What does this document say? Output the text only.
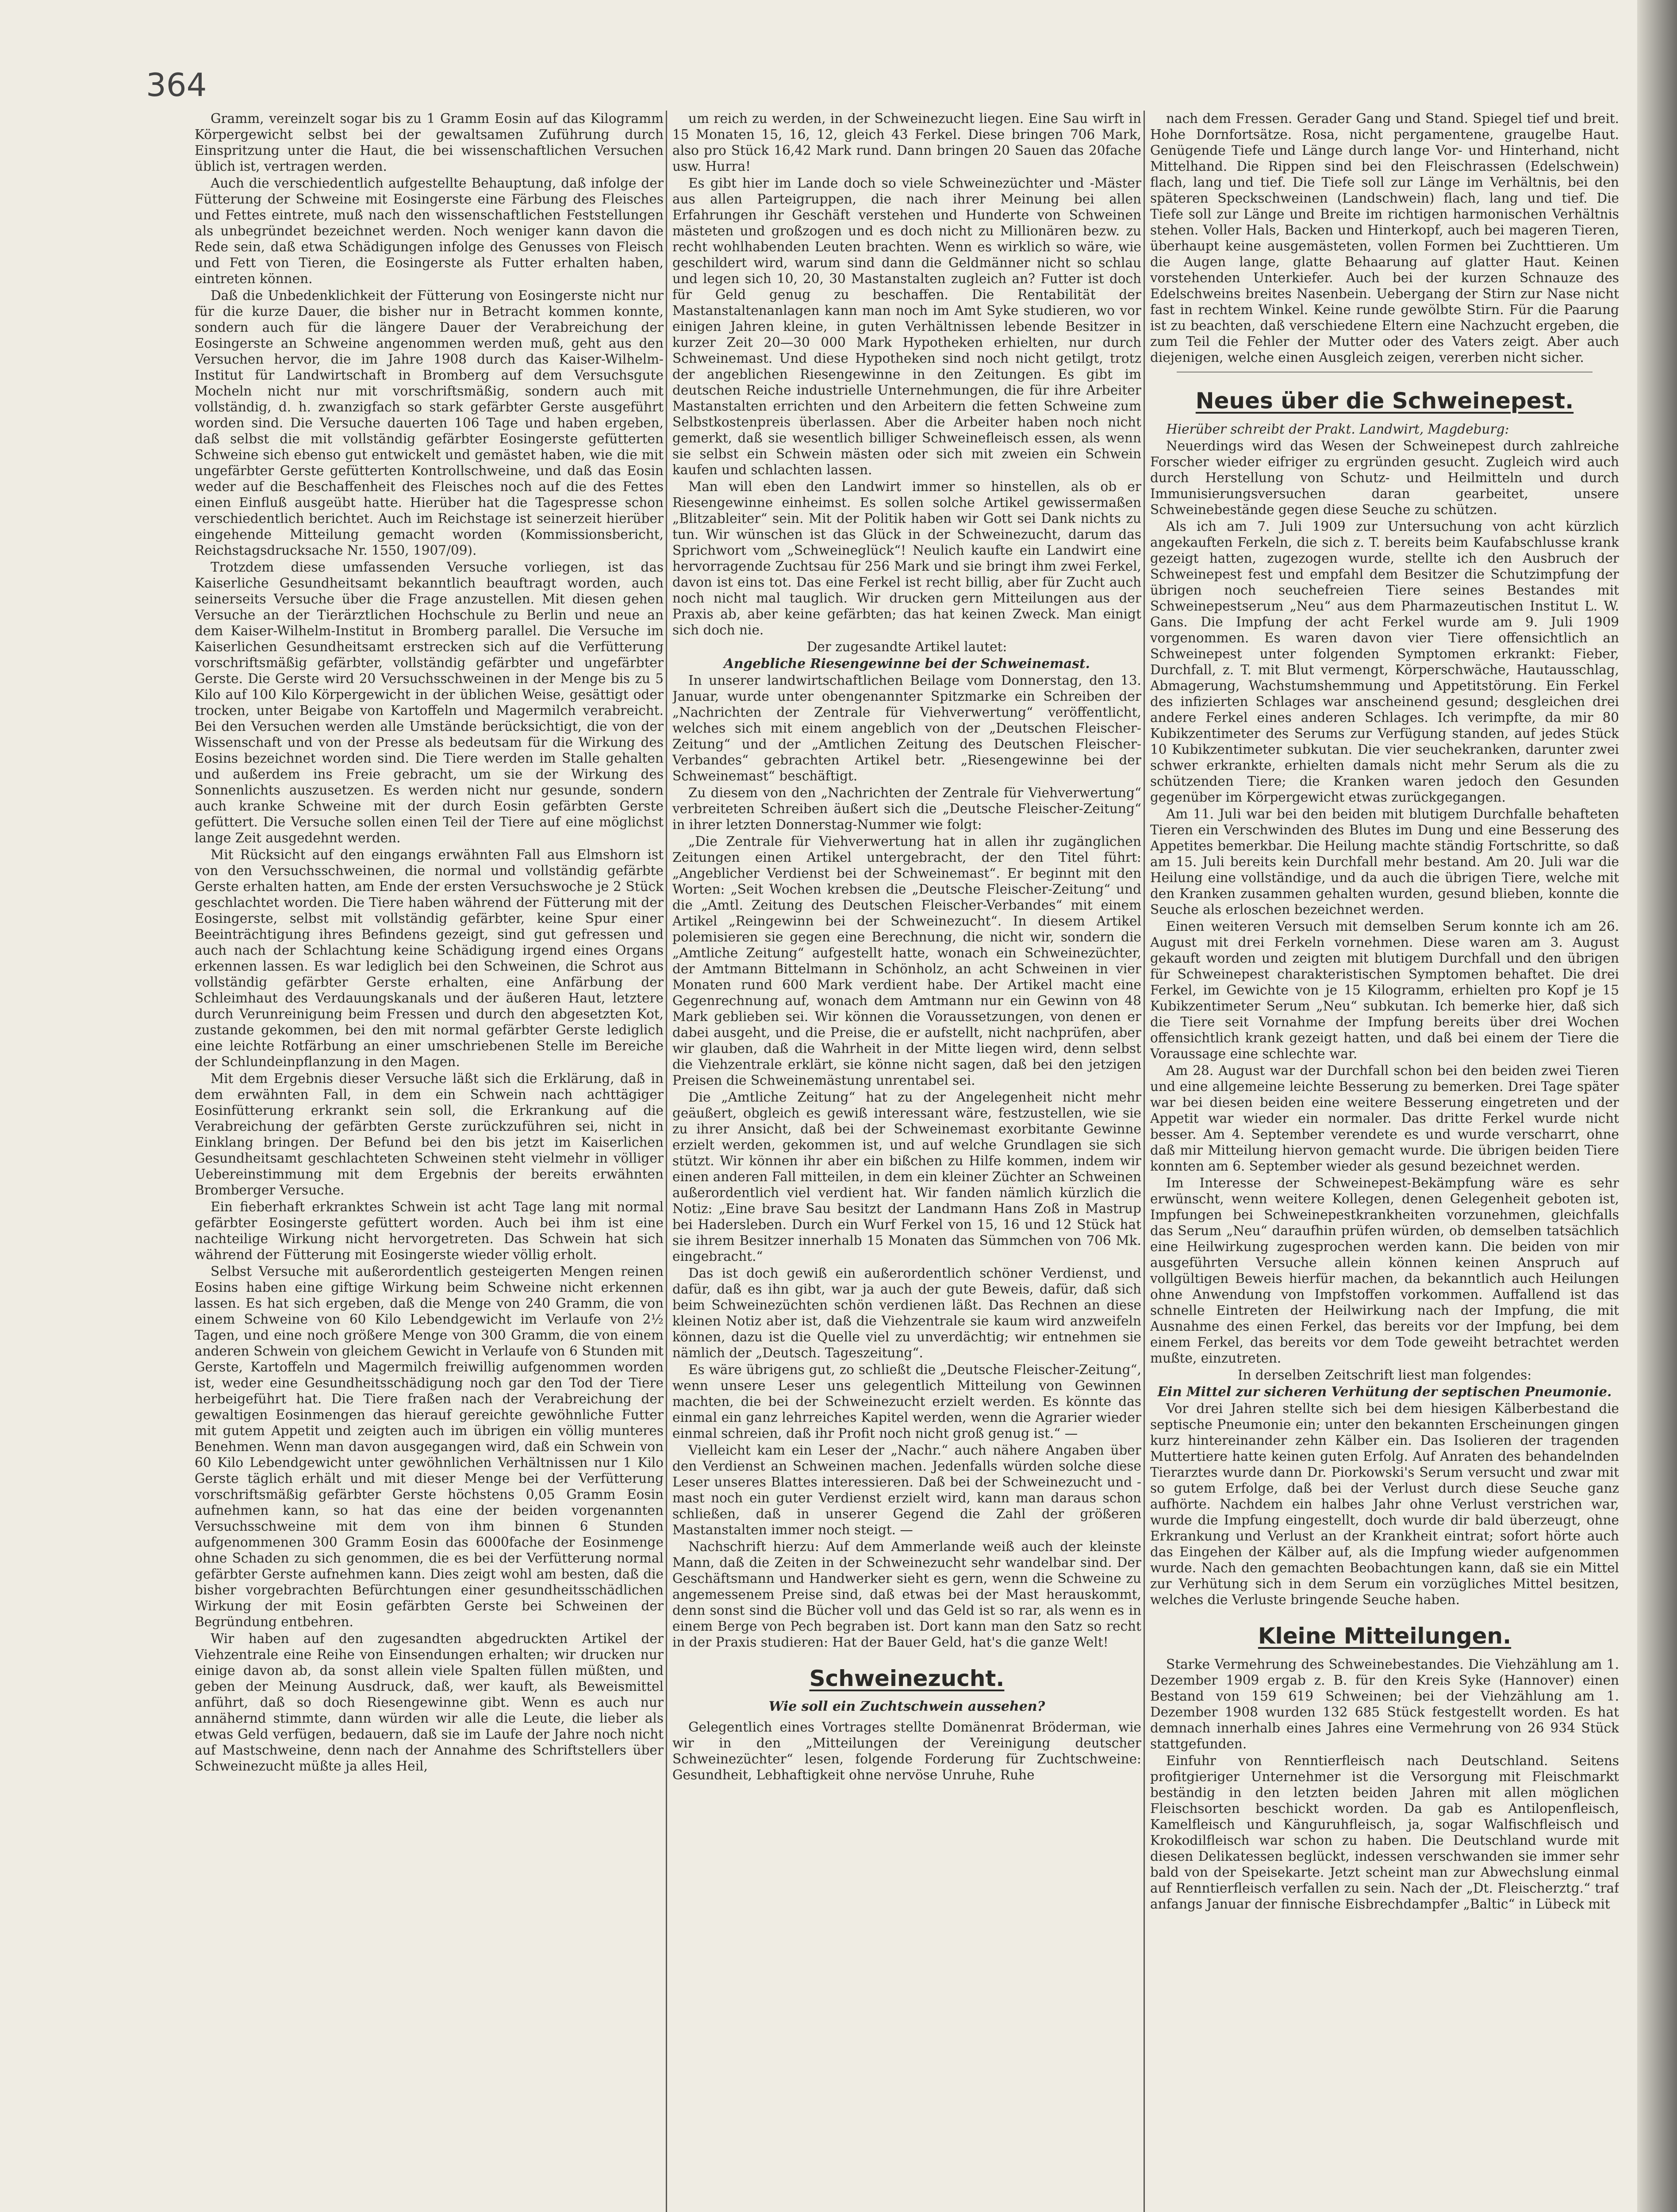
364

Gramm, vereinzelt sogar bis zu 1 Gramm Eosin auf das Kilogramm Körpergewicht selbst bei der gewaltsamen Zuführung durch Einspritzung unter die Haut, die bei wissenschaftlichen Versuchen üblich ist, vertragen werden.

Auch die verschiedentlich aufgestellte Behauptung, daß infolge der Fütterung der Schweine mit Eosingerste eine Färbung des Fleisches und Fettes eintrete, muß nach den wissenschaftlichen Feststellungen als unbegründet bezeichnet werden. Noch weniger kann davon die Rede sein, daß etwa Schädigungen infolge des Genusses von Fleisch und Fett von Tieren, die Eosingerste als Futter erhalten haben, eintreten können.

Daß die Unbedenklichkeit der Fütterung von Eosingerste nicht nur für die kurze Dauer, die bisher nur in Betracht kommen konnte, sondern auch für die längere Dauer der Verabreichung der Eosingerste an Schweine angenommen werden muß, geht aus den Versuchen hervor, die im Jahre 1908 durch das Kaiser-Wilhelm-Institut für Landwirtschaft in Bromberg auf dem Versuchsgute Mocheln nicht nur mit vorschriftsmäßig, sondern auch mit vollständig, d. h. zwanzigfach so stark gefärbter Gerste ausgeführt worden sind. Die Versuche dauerten 106 Tage und haben ergeben, daß selbst die mit vollständig gefärbter Eosingerste gefütterten Schweine sich ebenso gut entwickelt und gemästet haben, wie die mit ungefärbter Gerste gefütterten Kontrollschweine, und daß das Eosin weder auf die Beschaffenheit des Fleisches noch auf die des Fettes einen Einfluß ausgeübt hatte. Hierüber hat die Tagespresse schon verschiedentlich berichtet. Auch im Reichstage ist seinerzeit hierüber eingehende Mitteilung gemacht worden (Kommissionsbericht, Reichstagsdrucksache Nr. 1550, 1907/09).

Trotzdem diese umfassenden Versuche vorliegen, ist das Kaiserliche Gesundheitsamt bekanntlich beauftragt worden, auch seinerseits Versuche über die Frage anzustellen. Mit diesen gehen Versuche an der Tierärztlichen Hochschule zu Berlin und neue an dem Kaiser-Wilhelm-Institut in Bromberg parallel. Die Versuche im Kaiserlichen Gesundheitsamt erstrecken sich auf die Verfütterung vorschriftsmäßig gefärbter, vollständig gefärbter und ungefärbter Gerste. Die Gerste wird 20 Versuchsschweinen in der Menge bis zu 5 Kilo auf 100 Kilo Körpergewicht in der üblichen Weise, gesättigt oder trocken, unter Beigabe von Kartoffeln und Magermilch verabreicht. Bei den Versuchen werden alle Umstände berücksichtigt, die von der Wissenschaft und von der Presse als bedeutsam für die Wirkung des Eosins bezeichnet worden sind. Die Tiere werden im Stalle gehalten und außerdem ins Freie gebracht, um sie der Wirkung des Sonnenlichts auszusetzen. Es werden nicht nur gesunde, sondern auch kranke Schweine mit der durch Eosin gefärbten Gerste gefüttert. Die Versuche sollen einen Teil der Tiere auf eine möglichst lange Zeit ausgedehnt werden.

Mit Rücksicht auf den eingangs erwähnten Fall aus Elmshorn ist von den Versuchsschweinen, die normal und vollständig gefärbte Gerste erhalten hatten, am Ende der ersten Versuchswoche je 2 Stück geschlachtet worden. Die Tiere haben während der Fütterung mit der Eosingerste, selbst mit vollständig gefärbter, keine Spur einer Beeinträchtigung ihres Befindens gezeigt, sind gut gefressen und auch nach der Schlachtung keine Schädigung irgend eines Organs erkennen lassen. Es war lediglich bei den Schweinen, die Schrot aus vollständig gefärbter Gerste erhalten, eine Anfärbung der Schleimhaut des Verdauungskanals und der äußeren Haut, letztere durch Verunreinigung beim Fressen und durch den abgesetzten Kot, zustande gekommen, bei den mit normal gefärbter Gerste lediglich eine leichte Rotfärbung an einer umschriebenen Stelle im Bereiche der Schlundeinpflanzung in den Magen.

Mit dem Ergebnis dieser Versuche läßt sich die Erklärung, daß in dem erwähnten Fall, in dem ein Schwein nach achttägiger Eosinfütterung erkrankt sein soll, die Erkrankung auf die Verabreichung der gefärbten Gerste zurückzuführen sei, nicht in Einklang bringen. Der Befund bei den bis jetzt im Kaiserlichen Gesundheitsamt geschlachteten Schweinen steht vielmehr in völliger Uebereinstimmung mit dem Ergebnis der bereits erwähnten Bromberger Versuche.

Ein fieberhaft erkranktes Schwein ist acht Tage lang mit normal gefärbter Eosingerste gefüttert worden. Auch bei ihm ist eine nachteilige Wirkung nicht hervorgetreten. Das Schwein hat sich während der Fütterung mit Eosingerste wieder völlig erholt.

Selbst Versuche mit außerordentlich gesteigerten Mengen reinen Eosins haben eine giftige Wirkung beim Schweine nicht erkennen lassen. Es hat sich ergeben, daß die Menge von 240 Gramm, die von einem Schweine von 60 Kilo Lebendgewicht im Verlaufe von 2½ Tagen, und eine noch größere Menge von 300 Gramm, die von einem anderen Schwein von gleichem Gewicht in Verlaufe von 6 Stunden mit Gerste, Kartoffeln und Magermilch freiwillig aufgenommen worden ist, weder eine Gesundheitsschädigung noch gar den Tod der Tiere herbeigeführt hat. Die Tiere fraßen nach der Verabreichung der gewaltigen Eosinmengen das hierauf gereichte gewöhnliche Futter mit gutem Appetit und zeigten auch im übrigen ein völlig munteres Benehmen. Wenn man davon ausgegangen wird, daß ein Schwein von 60 Kilo Lebendgewicht unter gewöhnlichen Verhältnissen nur 1 Kilo Gerste täglich erhält und mit dieser Menge bei der Verfütterung vorschriftsmäßig gefärbter Gerste höchstens 0,05 Gramm Eosin aufnehmen kann, so hat das eine der beiden vorgenannten Versuchsschweine mit dem von ihm binnen 6 Stunden aufgenommenen 300 Gramm Eosin das 6000fache der Eosinmenge ohne Schaden zu sich genommen, die es bei der Verfütterung normal gefärbter Gerste aufnehmen kann. Dies zeigt wohl am besten, daß die bisher vorgebrachten Befürchtungen einer gesundheitsschädlichen Wirkung der mit Eosin gefärbten Gerste bei Schweinen der Begründung entbehren.

Wir haben auf den zugesandten abgedruckten Artikel der Viehzentrale eine Reihe von Einsendungen erhalten; wir drucken nur einige davon ab, da sonst allein viele Spalten füllen müßten, und geben der Meinung Ausdruck, daß, wer kauft, als Beweismittel anführt, daß so doch Riesengewinne gibt. Wenn es auch nur annähernd stimmte, dann würden wir alle die Leute, die lieber als etwas Geld verfügen, bedauern, daß sie im Laufe der Jahre noch nicht auf Mastschweine, denn nach der Annahme des Schriftstellers über Schweinezucht müßte ja alles Heil,

um reich zu werden, in der Schweinezucht liegen. Eine Sau wirft in 15 Monaten 15, 16, 12, gleich 43 Ferkel. Diese bringen 706 Mark, also pro Stück 16,42 Mark rund. Dann bringen 20 Sauen das 20fache usw. Hurra!

Es gibt hier im Lande doch so viele Schweinezüchter und -Mäster aus allen Parteigruppen, die nach ihrer Meinung bei allen Erfahrungen ihr Geschäft verstehen und Hunderte von Schweinen mästeten und großzogen und es doch nicht zu Millionären bezw. zu recht wohlhabenden Leuten brachten. Wenn es wirklich so wäre, wie geschildert wird, warum sind dann die Geldmänner nicht so schlau und legen sich 10, 20, 30 Mastanstalten zugleich an? Futter ist doch für Geld genug zu beschaffen. Die Rentabilität der Mastanstaltenanlagen kann man noch im Amt Syke studieren, wo vor einigen Jahren kleine, in guten Verhältnissen lebende Besitzer in kurzer Zeit 20—30 000 Mark Hypotheken erhielten, nur durch Schweinemast. Und diese Hypotheken sind noch nicht getilgt, trotz der angeblichen Riesengewinne in den Zeitungen. Es gibt im deutschen Reiche industrielle Unternehmungen, die für ihre Arbeiter Mastanstalten errichten und den Arbeitern die fetten Schweine zum Selbstkostenpreis überlassen. Aber die Arbeiter haben noch nicht gemerkt, daß sie wesentlich billiger Schweinefleisch essen, als wenn sie selbst ein Schwein mästen oder sich mit zweien ein Schwein kaufen und schlachten lassen.

Man will eben den Landwirt immer so hinstellen, als ob er Riesengewinne einheimst. Es sollen solche Artikel gewissermaßen „Blitzableiter“ sein. Mit der Politik haben wir Gott sei Dank nichts zu tun. Wir wünschen ist das Glück in der Schweinezucht, darum das Sprichwort vom „Schweineglück“! Neulich kaufte ein Landwirt eine hervorragende Zuchtsau für 256 Mark und sie bringt ihm zwei Ferkel, davon ist eins tot. Das eine Ferkel ist recht billig, aber für Zucht auch noch nicht mal tauglich. Wir drucken gern Mitteilungen aus der Praxis ab, aber keine gefärbten; das hat keinen Zweck. Man einigt sich doch nie.

Der zugesandte Artikel lautet:

Angebliche Riesengewinne bei der Schweinemast.

In unserer landwirtschaftlichen Beilage vom Donnerstag, den 13. Januar, wurde unter obengenannter Spitzmarke ein Schreiben der „Nachrichten der Zentrale für Viehverwertung“ veröffentlicht, welches sich mit einem angeblich von der „Deutschen Fleischer-Zeitung“ und der „Amtlichen Zeitung des Deutschen Fleischer-Verbandes“ gebrachten Artikel betr. „Riesengewinne bei der Schweinemast“ beschäftigt.

Zu diesem von den „Nachrichten der Zentrale für Viehverwertung“ verbreiteten Schreiben äußert sich die „Deutsche Fleischer-Zeitung“ in ihrer letzten Donnerstag-Nummer wie folgt:

„Die Zentrale für Viehverwertung hat in allen ihr zugänglichen Zeitungen einen Artikel untergebracht, der den Titel führt: „Angeblicher Verdienst bei der Schweinemast“. Er beginnt mit den Worten: „Seit Wochen krebsen die „Deutsche Fleischer-Zeitung“ und die „Amtl. Zeitung des Deutschen Fleischer-Verbandes“ mit einem Artikel „Reingewinn bei der Schweinezucht“. In diesem Artikel polemisieren sie gegen eine Berechnung, die nicht wir, sondern die „Amtliche Zeitung“ aufgestellt hatte, wonach ein Schweinezüchter, der Amtmann Bittelmann in Schönholz, an acht Schweinen in vier Monaten rund 600 Mark verdient habe. Der Artikel macht eine Gegenrechnung auf, wonach dem Amtmann nur ein Gewinn von 48 Mark geblieben sei. Wir können die Voraussetzungen, von denen er dabei ausgeht, und die Preise, die er aufstellt, nicht nachprüfen, aber wir glauben, daß die Wahrheit in der Mitte liegen wird, denn selbst die Viehzentrale erklärt, sie könne nicht sagen, daß bei den jetzigen Preisen die Schweinemästung unrentabel sei.

Die „Amtliche Zeitung“ hat zu der Angelegenheit nicht mehr geäußert, obgleich es gewiß interessant wäre, festzustellen, wie sie zu ihrer Ansicht, daß bei der Schweinemast exorbitante Gewinne erzielt werden, gekommen ist, und auf welche Grundlagen sie sich stützt. Wir können ihr aber ein bißchen zu Hilfe kommen, indem wir einen anderen Fall mitteilen, in dem ein kleiner Züchter an Schweinen außerordentlich viel verdient hat. Wir fanden nämlich kürzlich die Notiz: „Eine brave Sau besitzt der Landmann Hans Zoß in Mastrup bei Hadersleben. Durch ein Wurf Ferkel von 15, 16 und 12 Stück hat sie ihrem Besitzer innerhalb 15 Monaten das Sümmchen von 706 Mk. eingebracht.“

Das ist doch gewiß ein außerordentlich schöner Verdienst, und dafür, daß es ihn gibt, war ja auch der gute Beweis, dafür, daß sich beim Schweinezüchten schön verdienen läßt. Das Rechnen an diese kleinen Notiz aber ist, daß die Viehzentrale sie kaum wird anzweifeln können, dazu ist die Quelle viel zu unverdächtig; wir entnehmen sie nämlich der „Deutsch. Tageszeitung“.

Es wäre übrigens gut, zo schließt die „Deutsche Fleischer-Zeitung“, wenn unsere Leser uns gelegentlich Mitteilung von Gewinnen machten, die bei der Schweinezucht erzielt werden. Es könnte das einmal ein ganz lehrreiches Kapitel werden, wenn die Agrarier wieder einmal schreien, daß ihr Profit noch nicht groß genug ist.“ —

Vielleicht kam ein Leser der „Nachr.“ auch nähere Angaben über den Verdienst an Schweinen machen. Jedenfalls würden solche diese Leser unseres Blattes interessieren. Daß bei der Schweinezucht und -mast noch ein guter Verdienst erzielt wird, kann man daraus schon schließen, daß in unserer Gegend die Zahl der größeren Mastanstalten immer noch steigt. —

Nachschrift hierzu: Auf dem Ammerlande weiß auch der kleinste Mann, daß die Zeiten in der Schweinezucht sehr wandelbar sind. Der Geschäftsmann und Handwerker sieht es gern, wenn die Schweine zu angemessenem Preise sind, daß etwas bei der Mast herauskommt, denn sonst sind die Bücher voll und das Geld ist so rar, als wenn es in einem Berge von Pech begraben ist. Dort kann man den Satz so recht in der Praxis studieren: Hat der Bauer Geld, hat's die ganze Welt!

Schweinezucht.
Wie soll ein Zuchtschwein aussehen?

Gelegentlich eines Vortrages stellte Domänenrat Bröderman, wie wir in den „Mitteilungen der Vereinigung deutscher Schweinezüchter“ lesen, folgende Forderung für Zuchtschweine: Gesundheit, Lebhaftigkeit ohne nervöse Unruhe, Ruhe

nach dem Fressen. Gerader Gang und Stand. Spiegel tief und breit. Hohe Dornfortsätze. Rosa, nicht pergamentene, graugelbe Haut. Genügende Tiefe und Länge durch lange Vor- und Hinterhand, nicht Mittelhand. Die Rippen sind bei den Fleischrassen (Edelschwein) flach, lang und tief. Die Tiefe soll zur Länge im Verhältnis, bei den späteren Speckschweinen (Landschwein) flach, lang und tief. Die Tiefe soll zur Länge und Breite im richtigen harmonischen Verhältnis stehen. Voller Hals, Backen und Hinterkopf, auch bei mageren Tieren, überhaupt keine ausgemästeten, vollen Formen bei Zuchttieren. Um die Augen lange, glatte Behaarung auf glatter Haut. Keinen vorstehenden Unterkiefer. Auch bei der kurzen Schnauze des Edelschweins breites Nasenbein. Uebergang der Stirn zur Nase nicht fast in rechtem Winkel. Keine runde gewölbte Stirn. Für die Paarung ist zu beachten, daß verschiedene Eltern eine Nachzucht ergeben, die zum Teil die Fehler der Mutter oder des Vaters zeigt. Aber auch diejenigen, welche einen Ausgleich zeigen, vererben nicht sicher.

Neues über die Schweinepest.

Hierüber schreibt der Prakt. Landwirt, Magdeburg:

Neuerdings wird das Wesen der Schweinepest durch zahlreiche Forscher wieder eifriger zu ergründen gesucht. Zugleich wird auch durch Herstellung von Schutz- und Heilmitteln und durch Immunisierungsversuchen daran gearbeitet, unsere Schweinebestände gegen diese Seuche zu schützen.

Als ich am 7. Juli 1909 zur Untersuchung von acht kürzlich angekauften Ferkeln, die sich z. T. bereits beim Kaufabschlusse krank gezeigt hatten, zugezogen wurde, stellte ich den Ausbruch der Schweinepest fest und empfahl dem Besitzer die Schutzimpfung der übrigen noch seuchefreien Tiere seines Bestandes mit Schweinepestserum „Neu“ aus dem Pharmazeutischen Institut L. W. Gans. Die Impfung der acht Ferkel wurde am 9. Juli 1909 vorgenommen. Es waren davon vier Tiere offensichtlich an Schweinepest unter folgenden Symptomen erkrankt: Fieber, Durchfall, z. T. mit Blut vermengt, Körperschwäche, Hautausschlag, Abmagerung, Wachstumshemmung und Appetitstörung. Ein Ferkel des infizierten Schlages war anscheinend gesund; desgleichen drei andere Ferkel eines anderen Schlages. Ich verimpfte, da mir 80 Kubikzentimeter des Serums zur Verfügung standen, auf jedes Stück 10 Kubikzentimeter subkutan. Die vier seuchekranken, darunter zwei schwer erkrankte, erhielten damals nicht mehr Serum als die zu schützenden Tiere; die Kranken waren jedoch den Gesunden gegenüber im Körpergewicht etwas zurückgegangen.

Am 11. Juli war bei den beiden mit blutigem Durchfalle behafteten Tieren ein Verschwinden des Blutes im Dung und eine Besserung des Appetites bemerkbar. Die Heilung machte ständig Fortschritte, so daß am 15. Juli bereits kein Durchfall mehr bestand. Am 20. Juli war die Heilung eine vollständige, und da auch die übrigen Tiere, welche mit den Kranken zusammen gehalten wurden, gesund blieben, konnte die Seuche als erloschen bezeichnet werden.

Einen weiteren Versuch mit demselben Serum konnte ich am 26. August mit drei Ferkeln vornehmen. Diese waren am 3. August gekauft worden und zeigten mit blutigem Durchfall und den übrigen für Schweinepest charakteristischen Symptomen behaftet. Die drei Ferkel, im Gewichte von je 15 Kilogramm, erhielten pro Kopf je 15 Kubikzentimeter Serum „Neu“ subkutan. Ich bemerke hier, daß sich die Tiere seit Vornahme der Impfung bereits über drei Wochen offensichtlich krank gezeigt hatten, und daß bei einem der Tiere die Voraussage eine schlechte war.

Am 28. August war der Durchfall schon bei den beiden zwei Tieren und eine allgemeine leichte Besserung zu bemerken. Drei Tage später war bei diesen beiden eine weitere Besserung eingetreten und der Appetit war wieder ein normaler. Das dritte Ferkel wurde nicht besser. Am 4. September verendete es und wurde verscharrt, ohne daß mir Mitteilung hiervon gemacht wurde. Die übrigen beiden Tiere konnten am 6. September wieder als gesund bezeichnet werden.

Im Interesse der Schweinepest-Bekämpfung wäre es sehr erwünscht, wenn weitere Kollegen, denen Gelegenheit geboten ist, Impfungen bei Schweinepestkrankheiten vorzunehmen, gleichfalls das Serum „Neu“ daraufhin prüfen würden, ob demselben tatsächlich eine Heilwirkung zugesprochen werden kann. Die beiden von mir ausgeführten Versuche allein können keinen Anspruch auf vollgültigen Beweis hierfür machen, da bekanntlich auch Heilungen ohne Anwendung von Impfstoffen vorkommen. Auffallend ist das schnelle Eintreten der Heilwirkung nach der Impfung, die mit Ausnahme des einen Ferkel, das bereits vor der Impfung, bei dem einem Ferkel, das bereits vor dem Tode geweiht betrachtet werden mußte, einzutreten.

In derselben Zeitschrift liest man folgendes:

Ein Mittel zur sicheren Verhütung der septischen Pneumonie.

Vor drei Jahren stellte sich bei dem hiesigen Kälberbestand die septische Pneumonie ein; unter den bekannten Erscheinungen gingen kurz hintereinander zehn Kälber ein. Das Isolieren der tragenden Muttertiere hatte keinen guten Erfolg. Auf Anraten des behandelnden Tierarztes wurde dann Dr. Piorkowski's Serum versucht und zwar mit so gutem Erfolge, daß bei der Verlust durch diese Seuche ganz aufhörte. Nachdem ein halbes Jahr ohne Verlust verstrichen war, wurde die Impfung eingestellt, doch wurde dir bald überzeugt, ohne Erkrankung und Verlust an der Krankheit eintrat; sofort hörte auch das Eingehen der Kälber auf, als die Impfung wieder aufgenommen wurde. Nach den gemachten Beobachtungen kann, daß sie ein Mittel zur Verhütung sich in dem Serum ein vorzügliches Mittel besitzen, welches die Verluste bringende Seuche haben.

Kleine Mitteilungen.

Starke Vermehrung des Schweinebestandes. Die Viehzählung am 1. Dezember 1909 ergab z. B. für den Kreis Syke (Hannover) einen Bestand von 159 619 Schweinen; bei der Viehzählung am 1. Dezember 1908 wurden 132 685 Stück festgestellt worden. Es hat demnach innerhalb eines Jahres eine Vermehrung von 26 934 Stück stattgefunden.

Einfuhr von Renntierfleisch nach Deutschland. Seitens profitgieriger Unternehmer ist die Versorgung mit Fleischmarkt beständig in den letzten beiden Jahren mit allen möglichen Fleischsorten beschickt worden. Da gab es Antilopenfleisch, Kamelfleisch und Känguruhfleisch, ja, sogar Walfischfleisch und Krokodilfleisch war schon zu haben. Die Deutschland wurde mit diesen Delikatessen beglückt, indessen verschwanden sie immer sehr bald von der Speisekarte. Jetzt scheint man zur Abwechslung einmal auf Renntierfleisch verfallen zu sein. Nach der „Dt. Fleischerztg.“ traf anfangs Januar der finnische Eisbrechdampfer „Baltic“ in Lübeck mit
